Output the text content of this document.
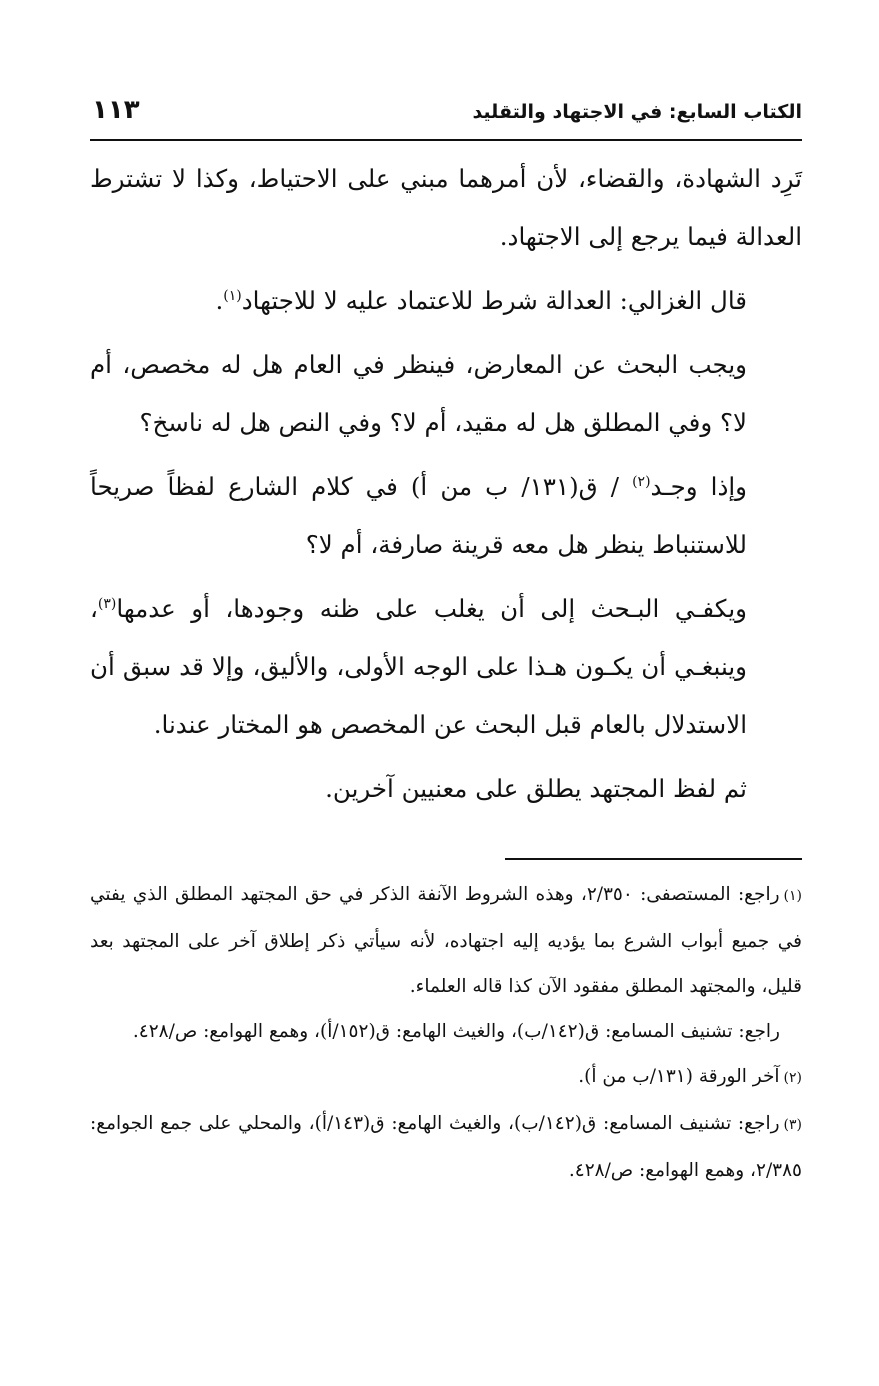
الكتاب السابع: في الاجتهاد والتقليد
١١٣

تَرِد الشهادة، والقضاء، لأن أمرهما مبني على الاحتياط، وكذا لا تشترط العدالة فيما يرجع إلى الاجتهاد.

قال الغزالي: العدالة شرط للاعتماد عليه لا للاجتهاد$^{(١)}$.

ويجب البحث عن المعارض، فينظر في العام هل له مخصص، أم لا؟ وفي المطلق هل له مقيد، أم لا؟ وفي النص هل له ناسخ؟

وإذا وجـد$^{(٢)}$ / ق(١٣١/ ب من أ) في كلام الشارع لفظاً صريحاً للاستنباط ينظر هل معه قرينة صارفة، أم لا؟

ويكفـي البـحث إلى أن يغلب على ظنه وجودها، أو عدمها$^{(٣)}$، وينبغـي أن يكـون هـذا على الوجه الأولى، والأليق، وإلا قد سبق أن الاستدلال بالعام قبل البحث عن المخصص هو المختار عندنا.

ثم لفظ المجتهد يطلق على معنيين آخرين.

(١)راجع: المستصفى: ٢/٣٥٠، وهذه الشروط الآنفة الذكر في حق المجتهد المطلق الذي يفتي في جميع أبواب الشرع بما يؤديه إليه اجتهاده، لأنه سيأتي ذكر إطلاق آخر على المجتهد بعد قليل، والمجتهد المطلق مفقود الآن كذا قاله العلماء.

راجع: تشنيف المسامع: ق(١٤٢/ب)، والغيث الهامع: ق(١٥٢/أ)، وهمع الهوامع: ص/٤٢٨.

(٢)آخر الورقة (١٣١/ب من أ).

(٣)راجع: تشنيف المسامع: ق(١٤٢/ب)، والغيث الهامع: ق(١٤٣/أ)، والمحلي على جمع الجوامع: ٢/٣٨٥، وهمع الهوامع: ص/٤٢٨.
